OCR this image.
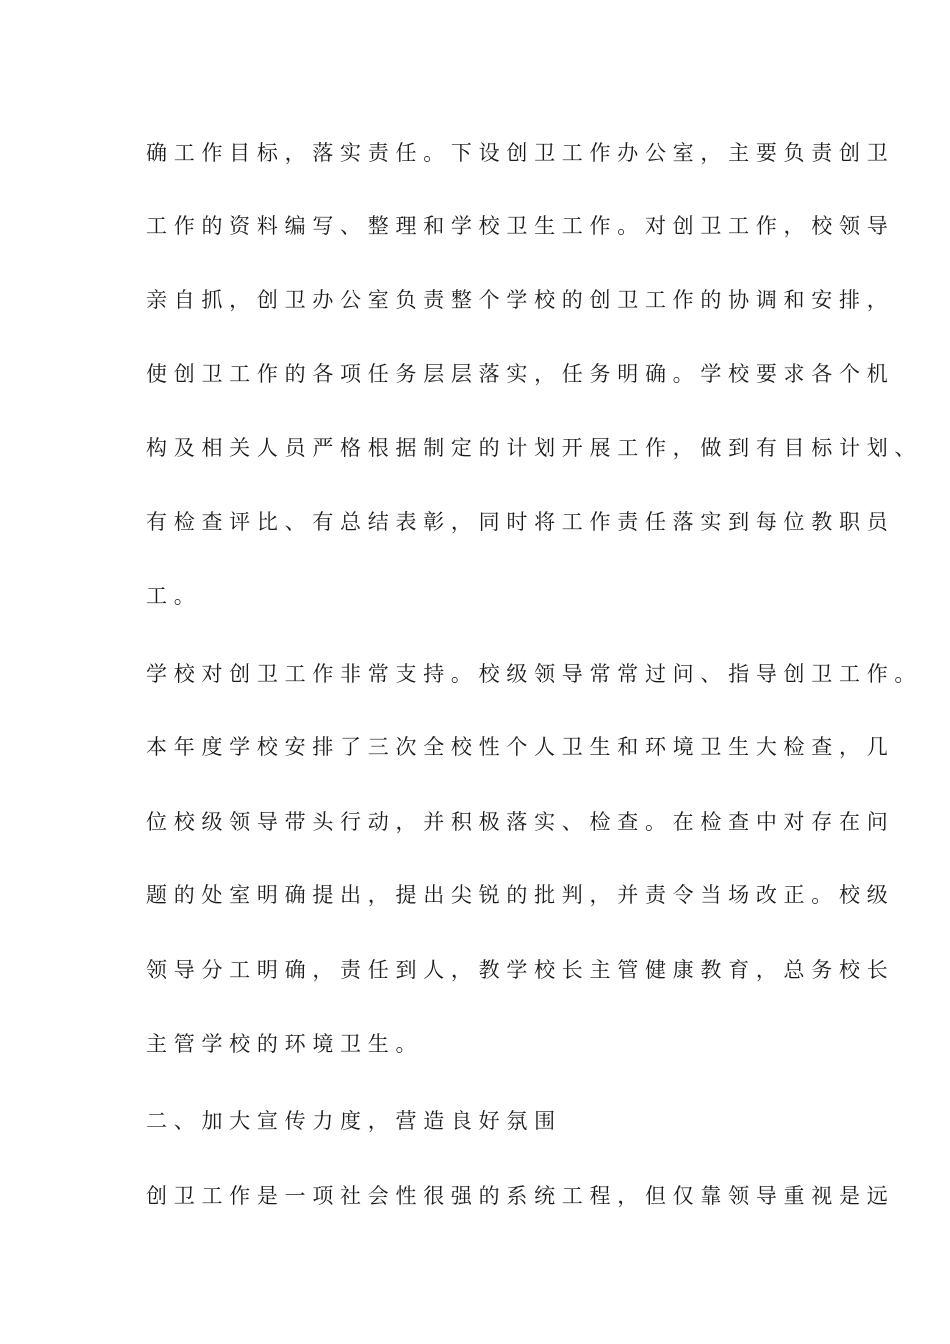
确工作目标，落实责任。下设创卫工作办公室，主要负责创卫

工作的资料编写、整理和学校卫生工作。对创卫工作，校领导

亲自抓，创卫办公室负责整个学校的创卫工作的协调和安排，

使创卫工作的各项任务层层落实，任务明确。学校要求各个机

构及相关人员严格根据制定的计划开展工作，做到有目标计划、

有检查评比、有总结表彰，同时将工作责任落实到每位教职员

工。

学校对创卫工作非常支持。校级领导常常过问、指导创卫工作。

本年度学校安排了三次全校性个人卫生和环境卫生大检查，几

位校级领导带头行动，并积极落实、检查。在检查中对存在问

题的处室明确提出，提出尖锐的批判，并责令当场改正。校级

领导分工明确，责任到人，教学校长主管健康教育，总务校长

主管学校的环境卫生。

二、加大宣传力度，营造良好氛围

创卫工作是一项社会性很强的系统工程，但仅靠领导重视是远
